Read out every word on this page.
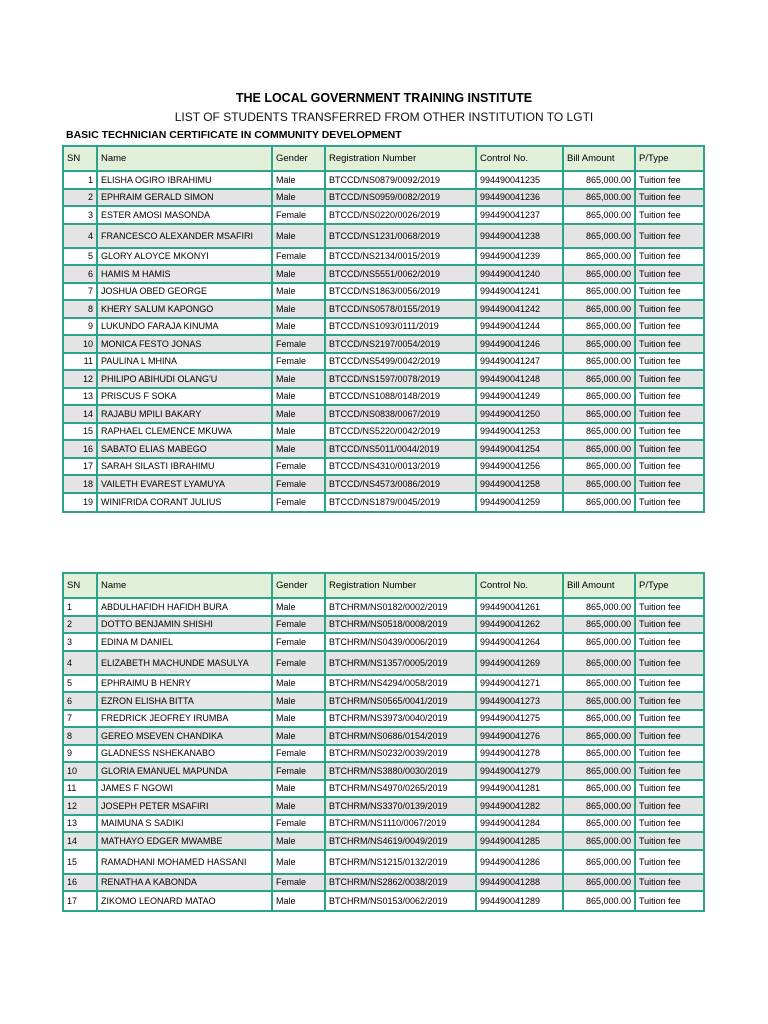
THE LOCAL GOVERNMENT TRAINING INSTITUTE
LIST OF STUDENTS TRANSFERRED FROM OTHER INSTITUTION TO LGTI
BASIC TECHNICIAN CERTIFICATE IN COMMUNITY DEVELOPMENT
SN	Name	Gender	Registration Number	Control No.	Bill Amount	P/Type
1	ELISHA OGIRO IBRAHIMU	Male	BTCCD/NS0879/0092/2019	994490041235	865,000.00	Tuition fee
2	EPHRAIM GERALD SIMON	Male	BTCCD/NS0959/0082/2019	994490041236	865,000.00	Tuition fee
3	ESTER AMOSI MASONDA	Female	BTCCD/NS0220/0026/2019	994490041237	865,000.00	Tuition fee
4	FRANCESCO ALEXANDER MSAFIRI	Male	BTCCD/NS1231/0068/2019	994490041238	865,000.00	Tuition fee
5	GLORY ALOYCE MKONYI	Female	BTCCD/NS2134/0015/2019	994490041239	865,000.00	Tuition fee
6	HAMIS M HAMIS	Male	BTCCD/NS5551/0062/2019	994490041240	865,000.00	Tuition fee
7	JOSHUA OBED GEORGE	Male	BTCCD/NS1863/0056/2019	994490041241	865,000.00	Tuition fee
8	KHERY SALUM KAPONGO	Male	BTCCD/NS0578/0155/2019	994490041242	865,000.00	Tuition fee
9	LUKUNDO FARAJA KINUMA	Male	BTCCD/NS1093/0111/2019	994490041244	865,000.00	Tuition fee
10	MONICA FESTO JONAS	Female	BTCCD/NS2197/0054/2019	994490041246	865,000.00	Tuition fee
11	PAULINA L MHINA	Female	BTCCD/NS5499/0042/2019	994490041247	865,000.00	Tuition fee
12	PHILIPO ABIHUDI OLANG'U	Male	BTCCD/NS1597/0078/2019	994490041248	865,000.00	Tuition fee
13	PRISCUS F SOKA	Male	BTCCD/NS1088/0148/2019	994490041249	865,000.00	Tuition fee
14	RAJABU MPILI BAKARY	Male	BTCCD/NS0838/0067/2019	994490041250	865,000.00	Tuition fee
15	RAPHAEL CLEMENCE MKUWA	Male	BTCCD/NS5220/0042/2019	994490041253	865,000.00	Tuition fee
16	SABATO ELIAS MABEGO	Male	BTCCD/NS5011/0044/2019	994490041254	865,000.00	Tuition fee
17	SARAH SILASTI IBRAHIMU	Female	BTCCD/NS4310/0013/2019	994490041256	865,000.00	Tuition fee
18	VAILETH EVAREST LYAMUYA	Female	BTCCD/NS4573/0086/2019	994490041258	865,000.00	Tuition fee
19	WINIFRIDA CORANT JULIUS	Female	BTCCD/NS1879/0045/2019	994490041259	865,000.00	Tuition fee
SN	Name	Gender	Registration Number	Control No.	Bill Amount	P/Type
1	ABDULHAFIDH HAFIDH BURA	Male	BTCHRM/NS0182/0002/2019	994490041261	865,000.00	Tuition fee
2	DOTTO BENJAMIN SHISHI	Female	BTCHRM/NS0518/0008/2019	994490041262	865,000.00	Tuition fee
3	EDINA M DANIEL	Female	BTCHRM/NS0439/0006/2019	994490041264	865,000.00	Tuition fee
4	ELIZABETH MACHUNDE MASULYA	Female	BTCHRM/NS1357/0005/2019	994490041269	865,000.00	Tuition fee
5	EPHRAIMU B HENRY	Male	BTCHRM/NS4294/0058/2019	994490041271	865,000.00	Tuition fee
6	EZRON ELISHA BITTA	Male	BTCHRM/NS0565/0041/2019	994490041273	865,000.00	Tuition fee
7	FREDRICK JEOFREY IRUMBA	Male	BTCHRM/NS3973/0040/2019	994490041275	865,000.00	Tuition fee
8	GEREO MSEVEN CHANDIKA	Male	BTCHRM/NS0686/0154/2019	994490041276	865,000.00	Tuition fee
9	GLADNESS NSHEKANABO	Female	BTCHRM/NS0232/0039/2019	994490041278	865,000.00	Tuition fee
10	GLORIA EMANUEL MAPUNDA	Female	BTCHRM/NS3880/0030/2019	994490041279	865,000.00	Tuition fee
11	JAMES F NGOWI	Male	BTCHRM/NS4970/0265/2019	994490041281	865,000.00	Tuition fee
12	JOSEPH PETER MSAFIRI	Male	BTCHRM/NS3370/0139/2019	994490041282	865,000.00	Tuition fee
13	MAIMUNA S SADIKI	Female	BTCHRM/NS1110/0067/2019	994490041284	865,000.00	Tuition fee
14	MATHAYO EDGER MWAMBE	Male	BTCHRM/NS4619/0049/2019	994490041285	865,000.00	Tuition fee
15	RAMADHANI MOHAMED HASSANI	Male	BTCHRM/NS1215/0132/2019	994490041286	865,000.00	Tuition fee
16	RENATHA A KABONDA	Female	BTCHRM/NS2862/0038/2019	994490041288	865,000.00	Tuition fee
17	ZIKOMO LEONARD MATAO	Male	BTCHRM/NS0153/0062/2019	994490041289	865,000.00	Tuition fee
